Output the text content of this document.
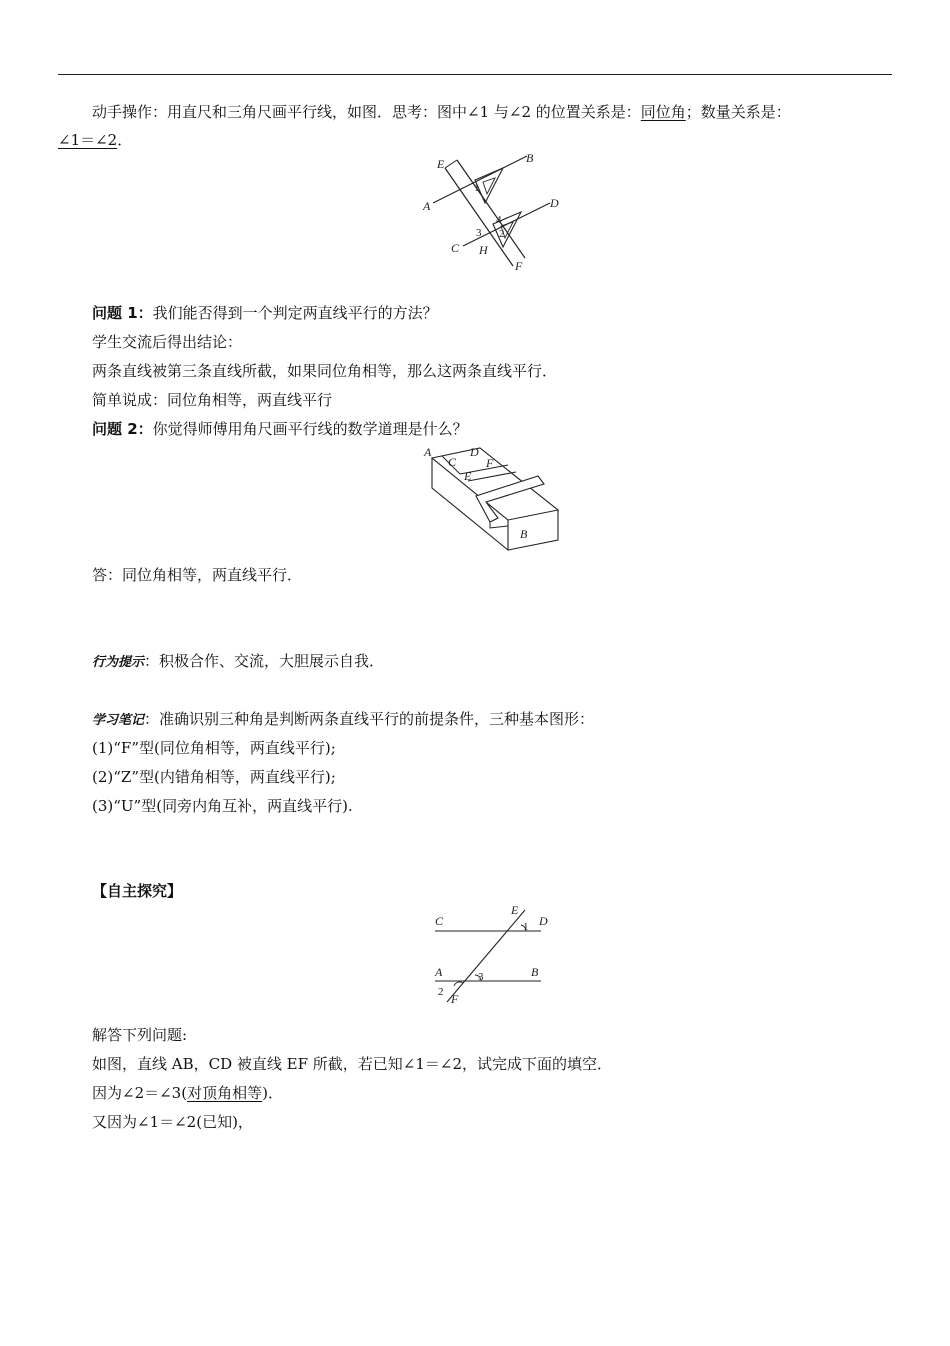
动手操作：用直尺和三角尺画平行线，如图．思考：图中∠1 与∠2 的位置关系是：同位角；数量关系是：
∠1＝∠2．
E	B
A	D
C H
F
1
4
3 2
问题 1：我们能否得到一个判定两直线平行的方法？
学生交流后得出结论：
两条直线被第三条直线所截，如果同位角相等，那么这两条直线平行．
简单说成：同位角相等，两直线平行
问题 2：你觉得师傅用角尺画平行线的数学道理是什么？
A
C
D
F
E
B
答：同位角相等，两直线平行．
行为提示：积极合作、交流，大胆展示自我．
学习笔记：准确识别三种角是判断两条直线平行的前提条件，三种基本图形：
(1)“F”型(同位角相等，两直线平行);
(2)“Z”型(内错角相等，两直线平行);
(3)“U”型(同旁内角互补，两直线平行).
【自主探究】
C
E
D
A	B
F
1
3
2
解答下列问题:
如图，直线 AB，CD 被直线 EF 所截，若已知∠1＝∠2，试完成下面的填空．
因为∠2＝∠3(对顶角相等)．
又因为∠1＝∠2(已知)，
